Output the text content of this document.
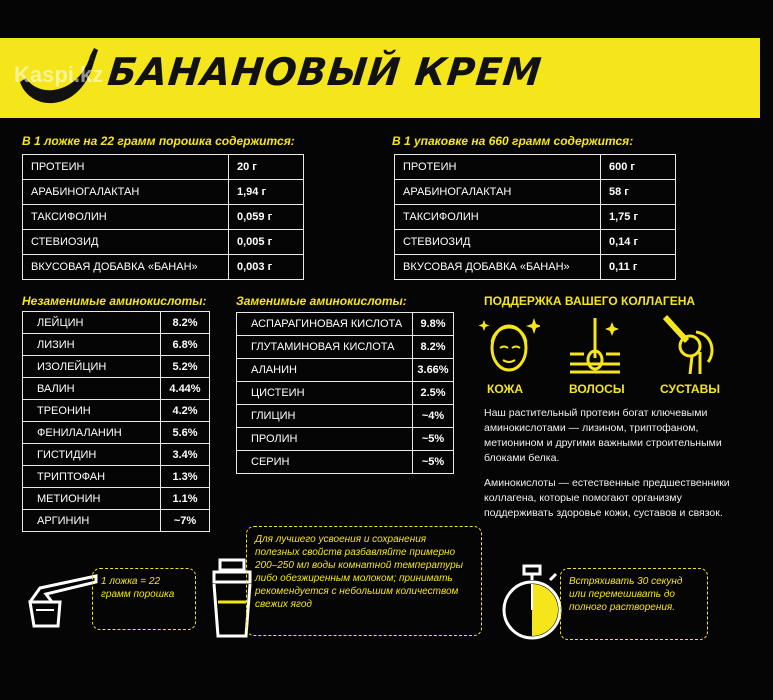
Kaspi.kz БАНАНОВЫЙ КРЕМ
В 1 ложке на 22 грамм порошка содержится:
ПРОТЕИН	20 г
АРАБИНОГАЛАКТАН	1,94 г
ТАКСИФОЛИН	0,059 г
СТЕВИОЗИД	0,005 г
ВКУСОВАЯ ДОБАВКА «БАНАН»	0,003 г
В 1 упаковке на 660 грамм содержится:
ПРОТЕИН	600 г
АРАБИНОГАЛАКТАН	58 г
ТАКСИФОЛИН	1,75 г
СТЕВИОЗИД	0,14 г
ВКУСОВАЯ ДОБАВКА «БАНАН»	0,11 г
Незаменимые аминокислоты:
ЛЕЙЦИН	8.2%
ЛИЗИН	6.8%
ИЗОЛЕЙЦИН	5.2%
ВАЛИН	4.44%
ТРЕОНИН	4.2%
ФЕНИЛАЛАНИН	5.6%
ГИСТИДИН	3.4%
ТРИПТОФАН	1.3%
МЕТИОНИН	1.1%
АРГИНИН	~7%
Заменимые аминокислоты:
АСПАРАГИНОВАЯ КИСЛОТА	9.8%
ГЛУТАМИНОВАЯ КИСЛОТА	8.2%
АЛАНИН	3.66%
ЦИСТЕИН	2.5%
ГЛИЦИН	~4%
ПРОЛИН	~5%
СЕРИН	~5%
ПОДДЕРЖКА ВАШЕГО КОЛЛАГЕНА
КОЖА	ВОЛОСЫ	СУСТАВЫ
Наш растительный протеин богат ключевыми аминокислотами — лизином, триптофаном, метионином и другими важными строительными блоками белка.
Аминокислоты — естественные предшественники коллагена, которые помогают организму поддерживать здоровье кожи, суставов и связок.
1 ложка = 22 грамм порошка
Для лучшего усвоения и сохранения полезных свойств разбавляйте примерно 200–250 мл воды комнатной температуры либо обезжиренным молоком; принимать рекомендуется с небольшим количеством свежих ягод
Встряхивать 30 секунд или перемешивать до полного растворения.
